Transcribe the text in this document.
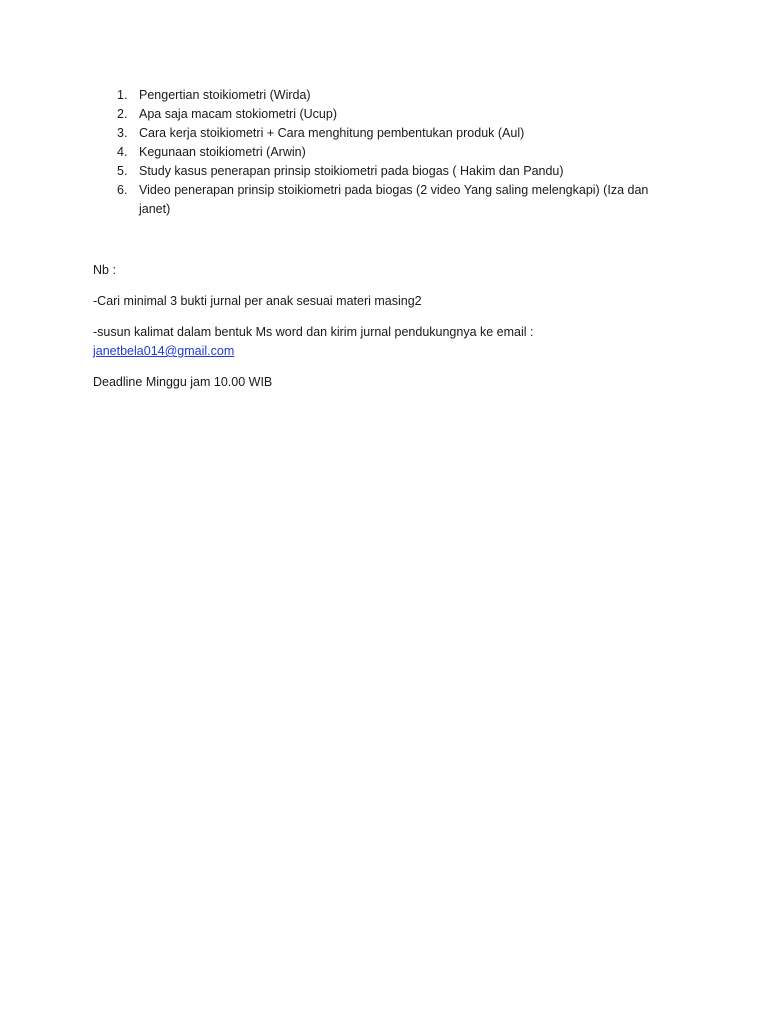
1. Pengertian stoikiometri (Wirda)
2. Apa saja macam stokiometri (Ucup)
3. Cara kerja stoikiometri + Cara menghitung pembentukan produk (Aul)
4. Kegunaan stoikiometri (Arwin)
5. Study kasus penerapan prinsip stoikiometri pada biogas ( Hakim dan Pandu)
6. Video penerapan prinsip stoikiometri pada biogas (2 video Yang saling melengkapi) (Iza dan janet)

Nb :

-Cari minimal 3 bukti jurnal per anak sesuai materi masing2

-susun kalimat dalam bentuk Ms word dan kirim jurnal pendukungnya ke email :

janetbela014@gmail.com

Deadline Minggu jam 10.00 WIB
